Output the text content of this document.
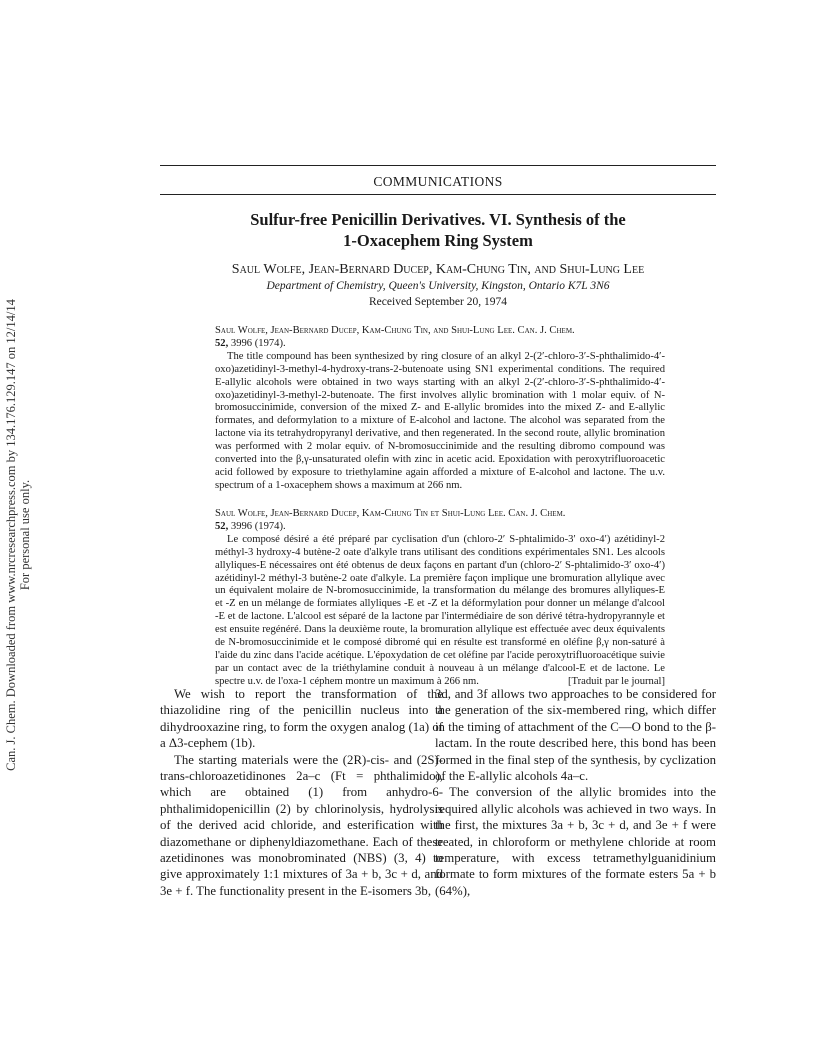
Can. J. Chem. Downloaded from www.nrcresearchpress.com by 134.176.129.147 on 12/14/14
For personal use only.
COMMUNICATIONS
Sulfur-free Penicillin Derivatives. VI. Synthesis of the
1-Oxacephem Ring System
Saul Wolfe, Jean-Bernard Ducep, Kam-Chung Tin, and Shui-Lung Lee
Department of Chemistry, Queen's University, Kingston, Ontario K7L 3N6
Received September 20, 1974
Saul Wolfe, Jean-Bernard Ducep, Kam-Chung Tin, and Shui-Lung Lee. Can. J. Chem.
52, 3996 (1974).

The title compound has been synthesized by ring closure of an alkyl 2-(2′-chloro-3′-S-phthalimido-4′-oxo)azetidinyl-3-methyl-4-hydroxy-trans-2-butenoate using SN1 experimental conditions. The required E-allylic alcohols were obtained in two ways starting with an alkyl 2-(2′-chloro-3′-S-phthalimido-4′-oxo)azetidinyl-3-methyl-2-butenoate. The first involves allylic bromination with 1 molar equiv. of N-bromosuccinimide, conversion of the mixed Z- and E-allylic bromides into the mixed Z- and E-allylic formates, and deformylation to a mixture of E-alcohol and lactone. The alcohol was separated from the lactone via its tetrahydropyranyl derivative, and then regenerated. In the second route, allylic bromination was performed with 2 molar equiv. of N-bromosuccinimide and the resulting dibromo compound was converted into the β,γ-unsaturated olefin with zinc in acetic acid. Epoxidation with peroxytrifluoroacetic acid followed by exposure to triethylamine again afforded a mixture of E-alcohol and lactone. The u.v. spectrum of a 1-oxacephem shows a maximum at 266 nm.

Saul Wolfe, Jean-Bernard Ducep, Kam-Chung Tin et Shui-Lung Lee. Can. J. Chem.
52, 3996 (1974).

Le composé désiré a été préparé par cyclisation d'un (chloro-2′ S-phtalimido-3′ oxo-4′) azétidinyl-2 méthyl-3 hydroxy-4 butène-2 oate d'alkyle trans utilisant des conditions expérimentales SN1. Les alcools allyliques-E nécessaires ont été obtenus de deux façons en partant d'un (chloro-2′ S-phtalimido-3′ oxo-4′) azétidinyl-2 méthyl-3 butène-2 oate d'alkyle. La première façon implique une bromuration allylique avec un équivalent molaire de N-bromosuccinimide, la transformation du mélange des bromures allyliques-E et -Z en un mélange de formiates allyliques -E et -Z et la déformylation pour donner un mélange d'alcool -E et de lactone. L'alcool est séparé de la lactone par l'intermédiaire de son dérivé tétra-hydropyrannyle et est ensuite regénéré. Dans la deuxième route, la bromuration allylique est effectuée avec deux équivalents de N-bromosuccinimide et le composé dibromé qui en résulte est transformé en oléfine β,γ non-saturé à l'aide du zinc dans l'acide acétique. L'époxydation de cet oléfine par l'acide peroxytrifluoroacétique suivie par un contact avec de la triéthylamine conduit à nouveau à un mélange d'alcool-E et de lactone. Le spectre u.v. de l'oxa-1 céphem montre un maximum à 266 nm.	[Traduit par le journal]

We wish to report the transformation of the thiazolidine ring of the penicillin nucleus into a dihydrooxazine ring, to form the oxygen analog (1a) of a Δ3-cephem (1b).

The starting materials were the (2R)-cis- and (2S)-trans-chloroazetidinones 2a–c (Ft = phthalimido), which are obtained (1) from anhydro-6-phthalimidopenicillin (2) by chlorinolysis, hydrolysis of the derived acid chloride, and esterification with diazomethane or diphenyldiazomethane. Each of these azetidinones was monobrominated (NBS) (3, 4) to give approximately 1:1 mixtures of 3a + b, 3c + d, and 3e + f. The functionality present in the E-isomers 3b,

3d, and 3f allows two approaches to be considered for the generation of the six-membered ring, which differ in the timing of attachment of the C—O bond to the β-lactam. In the route described here, this bond has been formed in the final step of the synthesis, by cyclization of the E-allylic alcohols 4a–c.

The conversion of the allylic bromides into the required allylic alcohols was achieved in two ways. In the first, the mixtures 3a + b, 3c + d, and 3e + f were treated, in chloroform or methylene chloride at room temperature, with excess tetramethylguanidinium formate to form mixtures of the formate esters 5a + b (64%),
